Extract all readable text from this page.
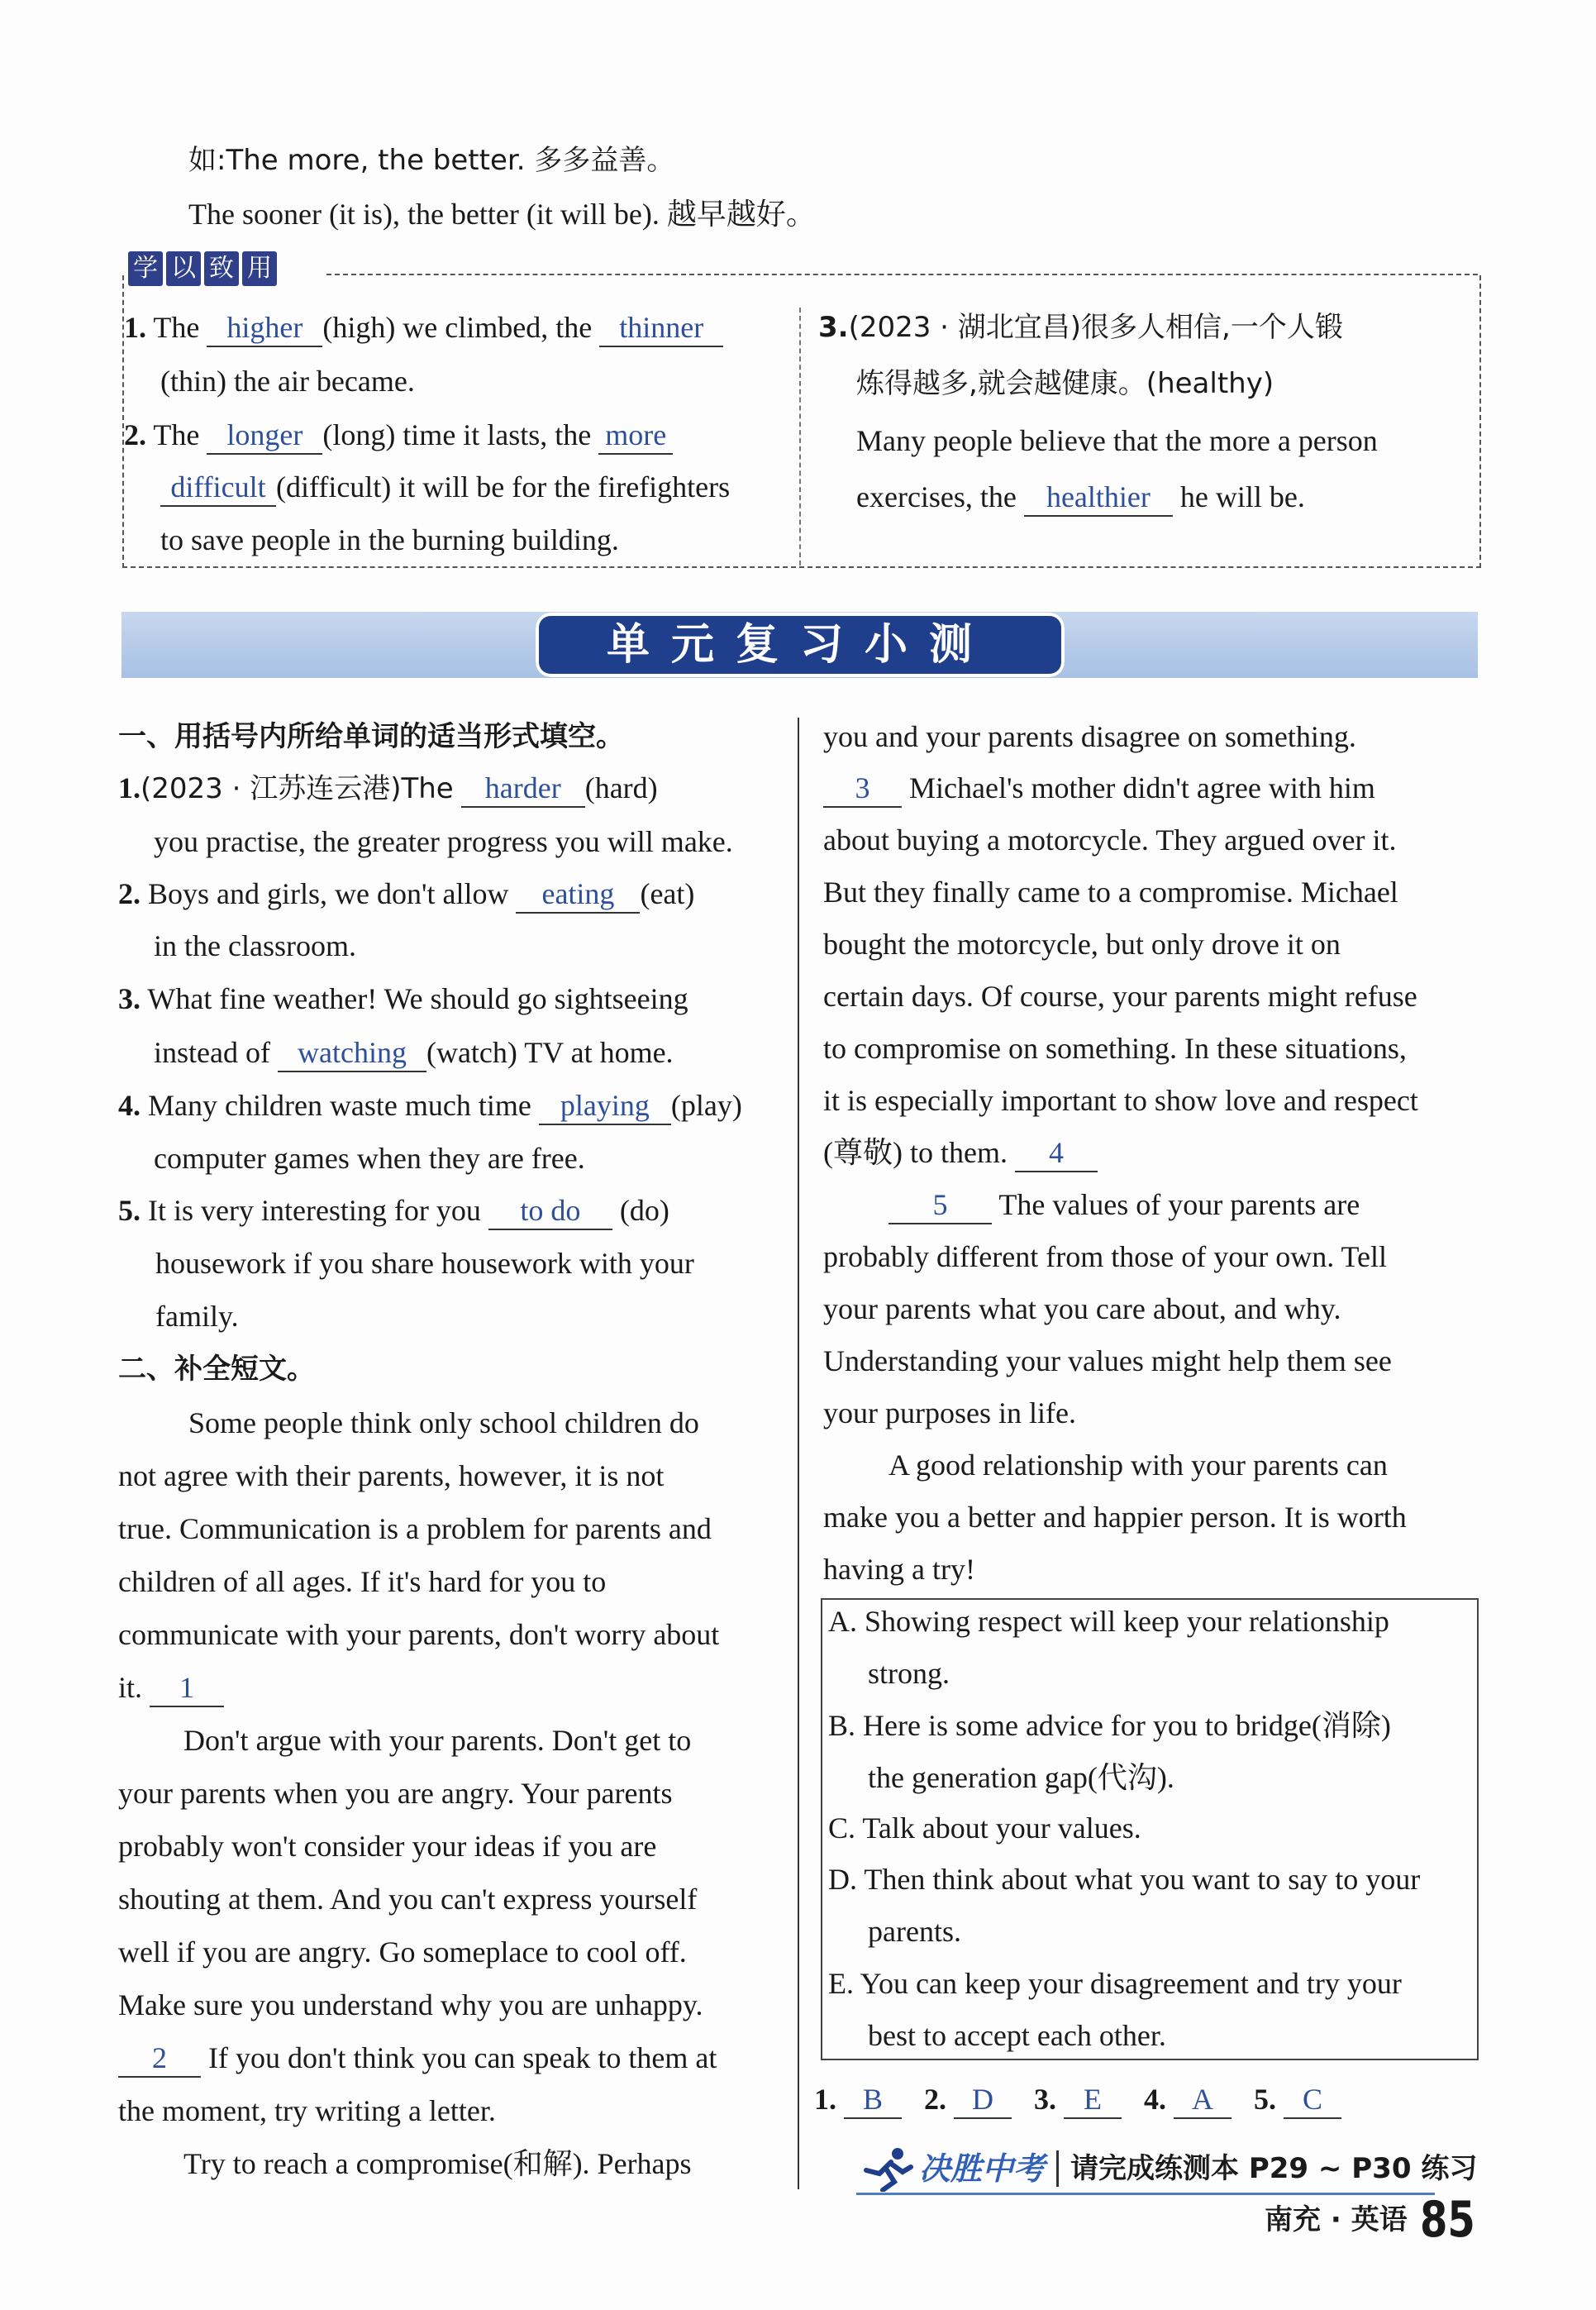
如:The more, the better. 多多益善。
The sooner (it is), the better (it will be). 越早越好。
学 以 致 用
1. The higher (high) we climbed, the thinner
(thin) the air became.
2. The longer (long) time it lasts, the more
difficult (difficult) it will be for the firefighters
to save people in the burning building.
3.(2023 · 湖北宜昌)很多人相信,一个人锻
炼得越多,就会越健康。(healthy)
Many people believe that the more a person
exercises, the healthier he will be.
单元复习小测
一、用括号内所给单词的适当形式填空。
1.(2023 · 江苏连云港)The harder (hard)
you practise, the greater progress you will make.
2. Boys and girls, we don't allow eating (eat)
in the classroom.
3. What fine weather! We should go sightseeing
instead of watching (watch) TV at home.
4. Many children waste much time playing (play)
computer games when they are free.
5. It is very interesting for you to do (do)
housework if you share housework with your
family.
二、补全短文。
Some people think only school children do
not agree with their parents, however, it is not
true. Communication is a problem for parents and
children of all ages. If it's hard for you to
communicate with your parents, don't worry about
it. 1
Don't argue with your parents. Don't get to
your parents when you are angry. Your parents
probably won't consider your ideas if you are
shouting at them. And you can't express yourself
well if you are angry. Go someplace to cool off.
Make sure you understand why you are unhappy.
2 If you don't think you can speak to them at
the moment, try writing a letter.
Try to reach a compromise(和解). Perhaps
you and your parents disagree on something.
3 Michael's mother didn't agree with him
about buying a motorcycle. They argued over it.
But they finally came to a compromise. Michael
bought the motorcycle, but only drove it on
certain days. Of course, your parents might refuse
to compromise on something. In these situations,
it is especially important to show love and respect
(尊敬) to them. 4
5 The values of your parents are
probably different from those of your own. Tell
your parents what you care about, and why.
Understanding your values might help them see
your purposes in life.
A good relationship with your parents can
make you a better and happier person. It is worth
having a try!
A. Showing respect will keep your relationship
strong.
B. Here is some advice for you to bridge(消除)
the generation gap(代沟).
C. Talk about your values.
D. Then think about what you want to say to your
parents.
E. You can keep your disagreement and try your
best to accept each other.
1. B 2. D 3. E 4. A 5. C
决胜中考 请完成练测本 P29 ~ P30 练习
南充 · 英语 85
